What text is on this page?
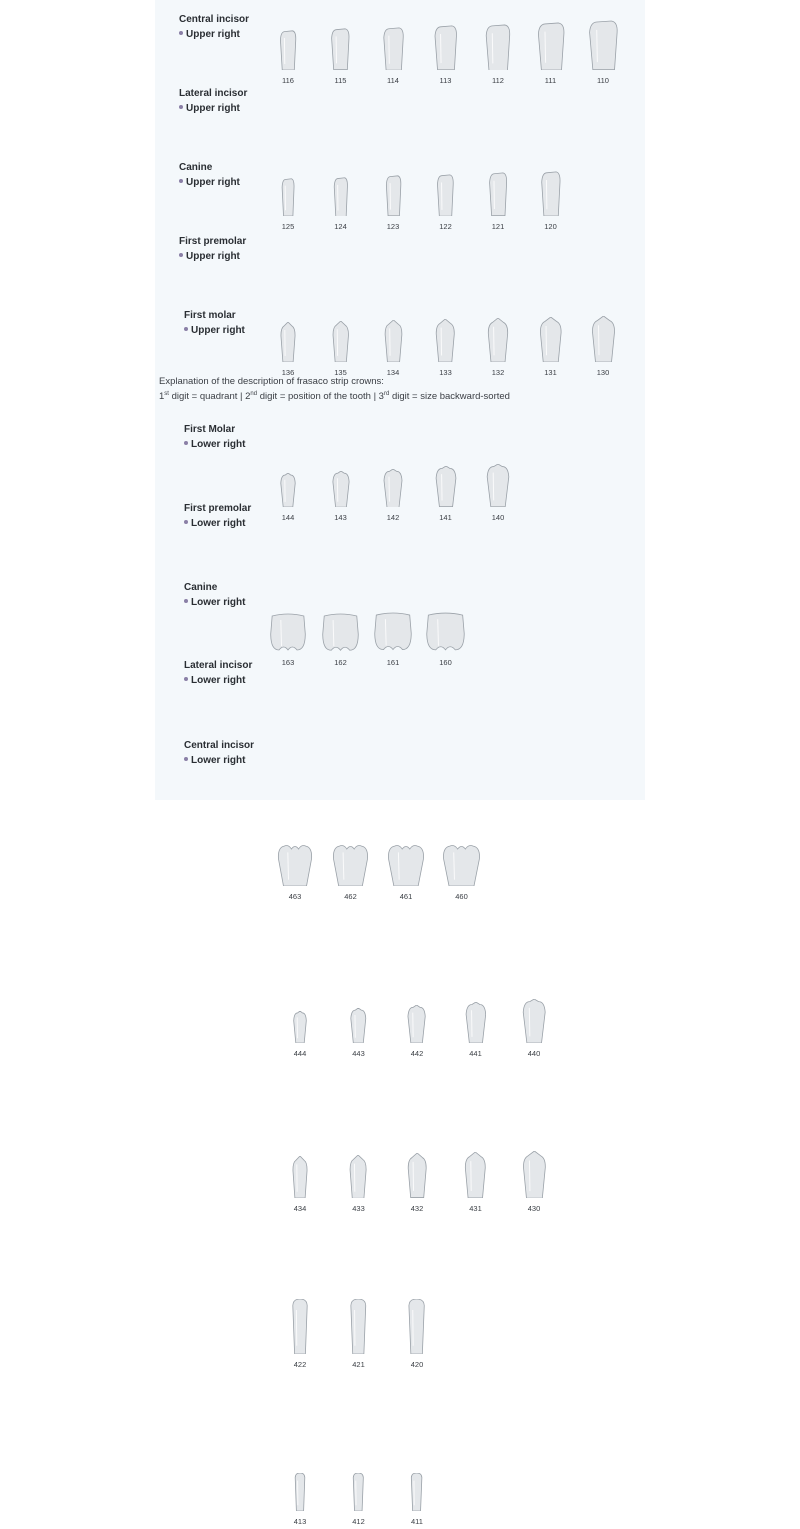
Explanation of the description of frasaco strip crowns:
1st digit = quadrant | 2nd digit = position of the tooth | 3rd digit = size backward-sorted
Central incisor
Upper right
116	115	114	113	112	111	110
Lateral incisor
Upper right
125	124	123	122	121	120
Canine
Upper right
136	135	134	133	132	131	130
First premolar
Upper right
144	143	142	141	140
First molar
Upper right
163	162	161	160
First Molar
Lower right
463	462	461	460
First premolar
Lower right
444	443	442	441	440
Canine
Lower right
434	433	432	431	430
Lateral incisor
Lower right
422	421	420
Central incisor
Lower right
413	412	411
